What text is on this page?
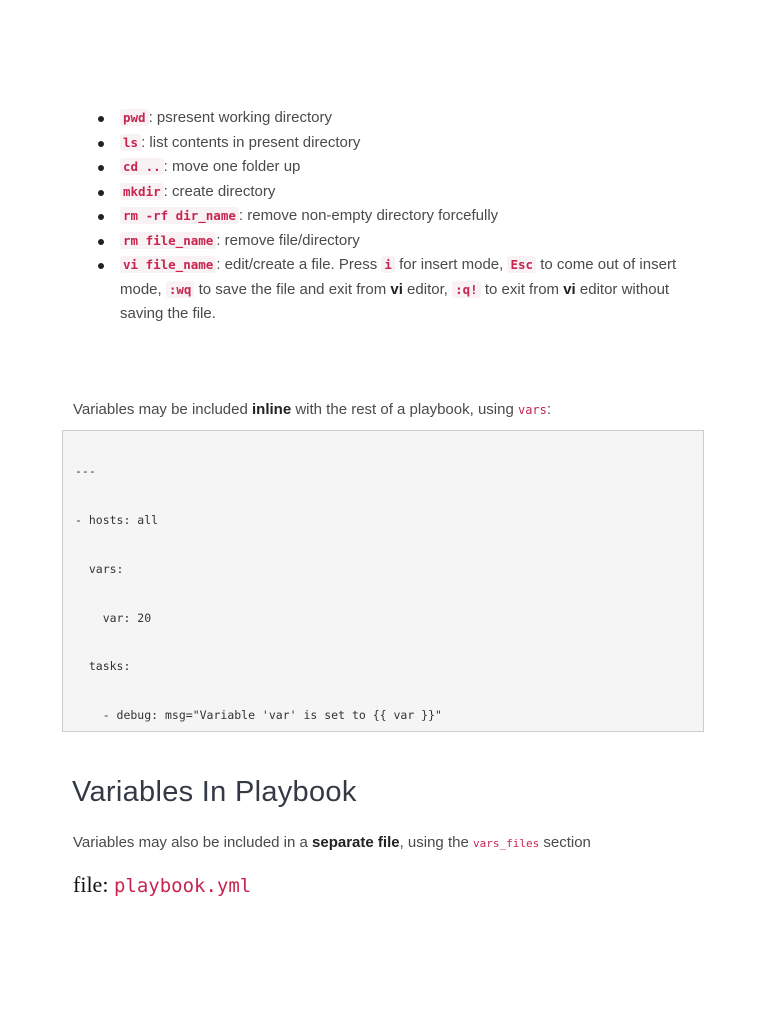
pwd : psresent working directory
ls : list contents in present directory
cd .. : move one folder up
mkdir : create directory
rm -rf dir_name : remove non-empty directory forcefully
rm file_name : remove file/directory
vi file_name : edit/create a file. Press i for insert mode, Esc to come out of insert mode, :wq to save the file and exit from vi editor, :q! to exit from vi editor without saving the file.

Variables may be included inline with the rest of a playbook, using vars:

---
- hosts: all
vars:
var: 20
tasks:
- debug: msg="Variable 'var' is set to {{ var }}"
Variables In Playbook

Variables may also be included in a separate file, using the vars_files section

file: playbook.yml
